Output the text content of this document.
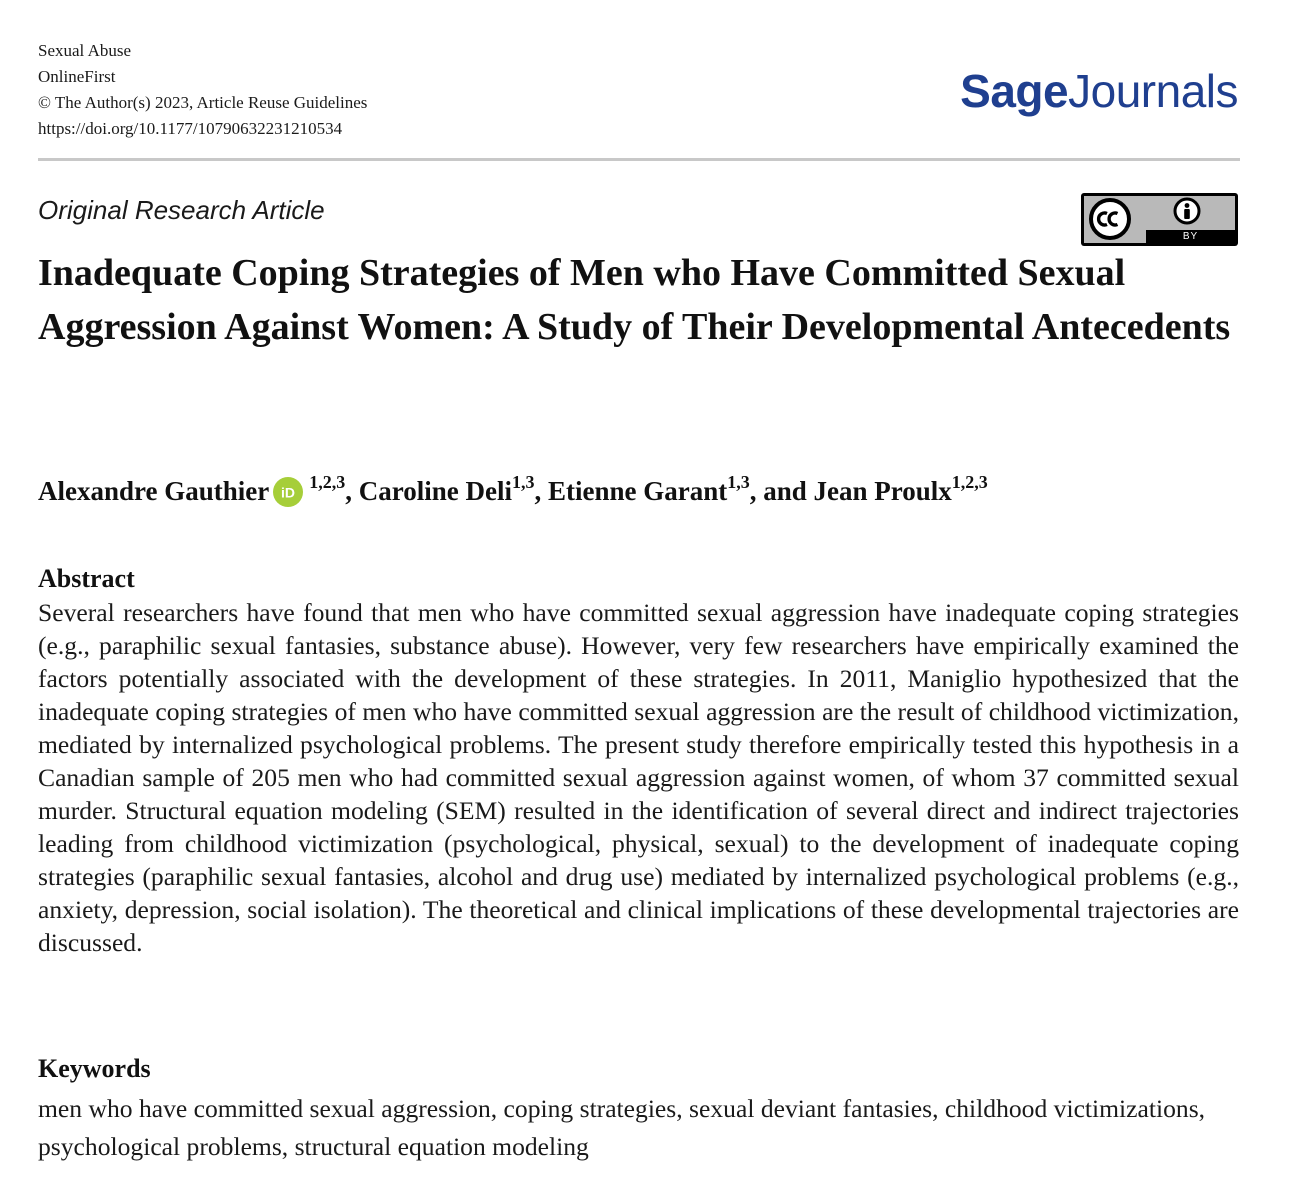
Sexual Abuse
OnlineFirst
© The Author(s) 2023, Article Reuse Guidelines
https://doi.org/10.1177/10790632231210534
SageJournals
Original Research Article
BY
Inadequate Coping Strategies of Men who Have Committed Sexual Aggression Against Women: A Study of Their Developmental Antecedents
Alexandre Gauthier iD
$^{1,2,3}$, Caroline Deli$^{1,3}$, Etienne Garant$^{1,3}$, and Jean Proulx$^{1,2,3}$
Abstract
Several researchers have found that men who have committed sexual aggression have inadequate coping strategies (e.g., paraphilic sexual fantasies, substance abuse). However, very few researchers have empirically examined the factors potentially associated with the development of these strategies. In 2011, Maniglio hypothesized that the inadequate coping strategies of men who have committed sexual aggression are the result of childhood victimization, mediated by internalized psychological problems. The present study therefore empirically tested this hypothesis in a Canadian sample of 205 men who had committed sexual aggression against women, of whom 37 committed sexual murder. Structural equation modeling (SEM) resulted in the identification of several direct and indirect trajectories leading from childhood victimization (psychological, physical, sexual) to the development of inadequate coping strategies (paraphilic sexual fantasies, alcohol and drug use) mediated by internalized psychological problems (e.g., anxiety, depression, social isolation). The theoretical and clinical implications of these developmental trajectories are discussed.
Keywords
men who have committed sexual aggression, coping strategies, sexual deviant fantasies, childhood victimizations, psychological problems, structural equation modeling
